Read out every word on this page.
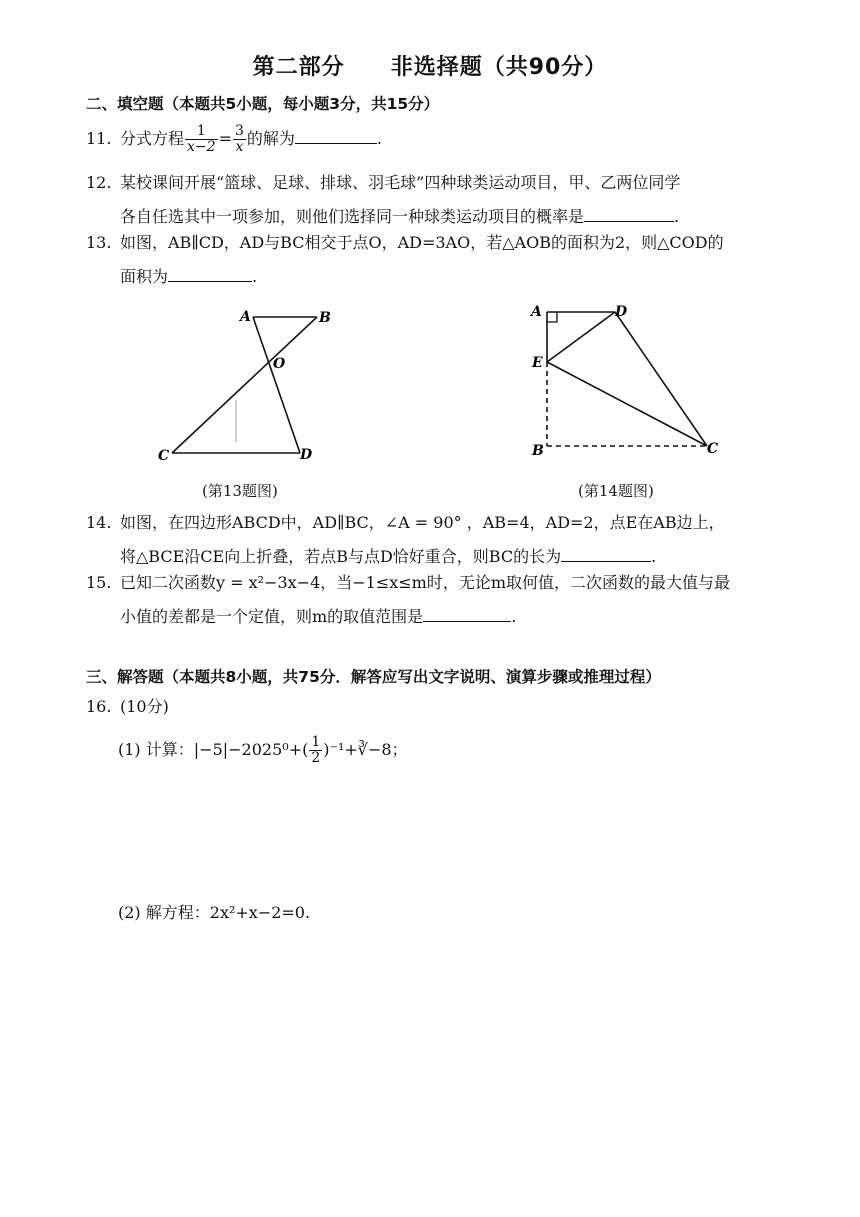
第二部分 非选择题（共90分）
二、填空题（本题共5小题，每小题3分，共15分）
11. 分式方程 $\frac{1}{x-2} = \frac{3}{x}$ 的解为	.
12. 某校课间开展“篮球、足球、排球、羽毛球”四种球类运动项目，甲、乙两位同学
各自任选其中一项参加，则他们选择同一种球类运动项目的概率是	.
13. 如图，AB∥CD，AD与BC相交于点O，AD=3AO，若△AOB的面积为2，则△COD的
面积为	.
A	B
O
C	D
(第13题图)
A	D
E
B	C
(第14题图)
14. 如图，在四边形ABCD中，AD∥BC，∠A = 90° ，AB=4，AD=2，点E在AB边上，
将△BCE沿CE向上折叠，若点B与点D恰好重合，则BC的长为	.
15. 已知二次函数y = x²−3x−4，当−1≤x≤m时，无论m取何值，二次函数的最大值与最
小值的差都是一个定值，则m的取值范围是	.
三、解答题（本题共8小题，共75分．解答应写出文字说明、演算步骤或推理过程）
16. (10分)
(1) 计算：$|-5|-2025^0+( \frac{1}{2}$ )⁻¹+∛−8；
(2) 解方程：2x²+x−2=0.
